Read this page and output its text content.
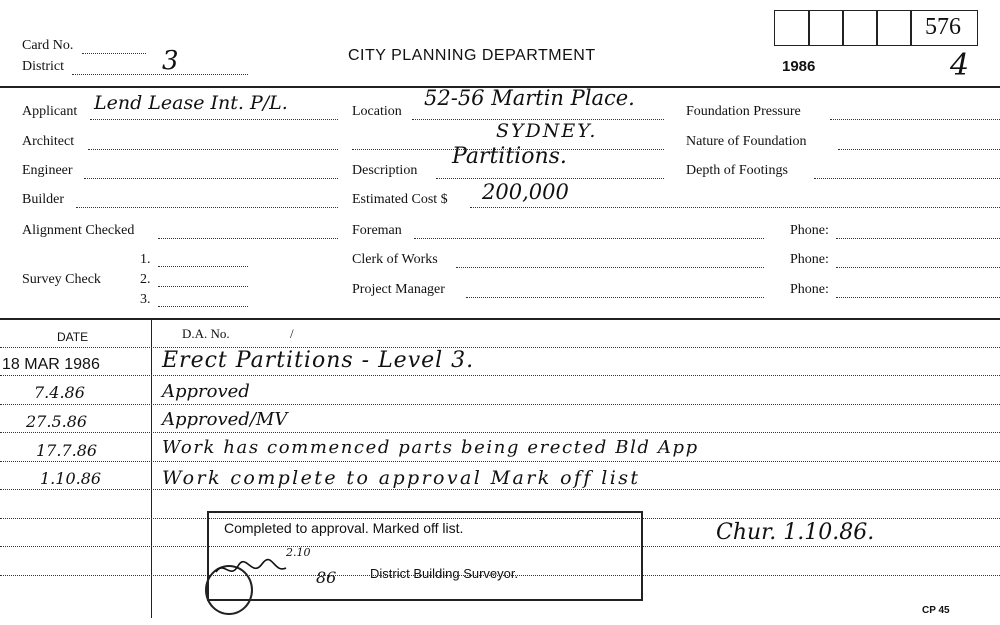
Card No.
District	3	CITY PLANNING DEPARTMENT
1986
576
4
Applicant Lend Lease Int. P/L.
Architect
Engineer
Builder
Alignment Checked
Survey Check
1.
2.
3.
Location
52-56 Martin Place.
SYDNEY.
Description
Partitions.
Estimated Cost $ 200,000
Foreman	Phone:
Clerk of Works	Phone:
Project Manager	Phone:
Foundation Pressure
Nature of Foundation
Depth of Footings
DATE	D.A. No.	/
18 MAR 1986	Erect Partitions - Level 3.
7.4.86	Approved
27.5.86	Approved/MV
17.7.86	Work has commenced parts being erected Bld App
1.10.86	Work complete to approval Mark off list
Completed to approval. Marked off list.
District Building Surveyor.
2.10
86
Chur. 1.10.86.
CP 45
